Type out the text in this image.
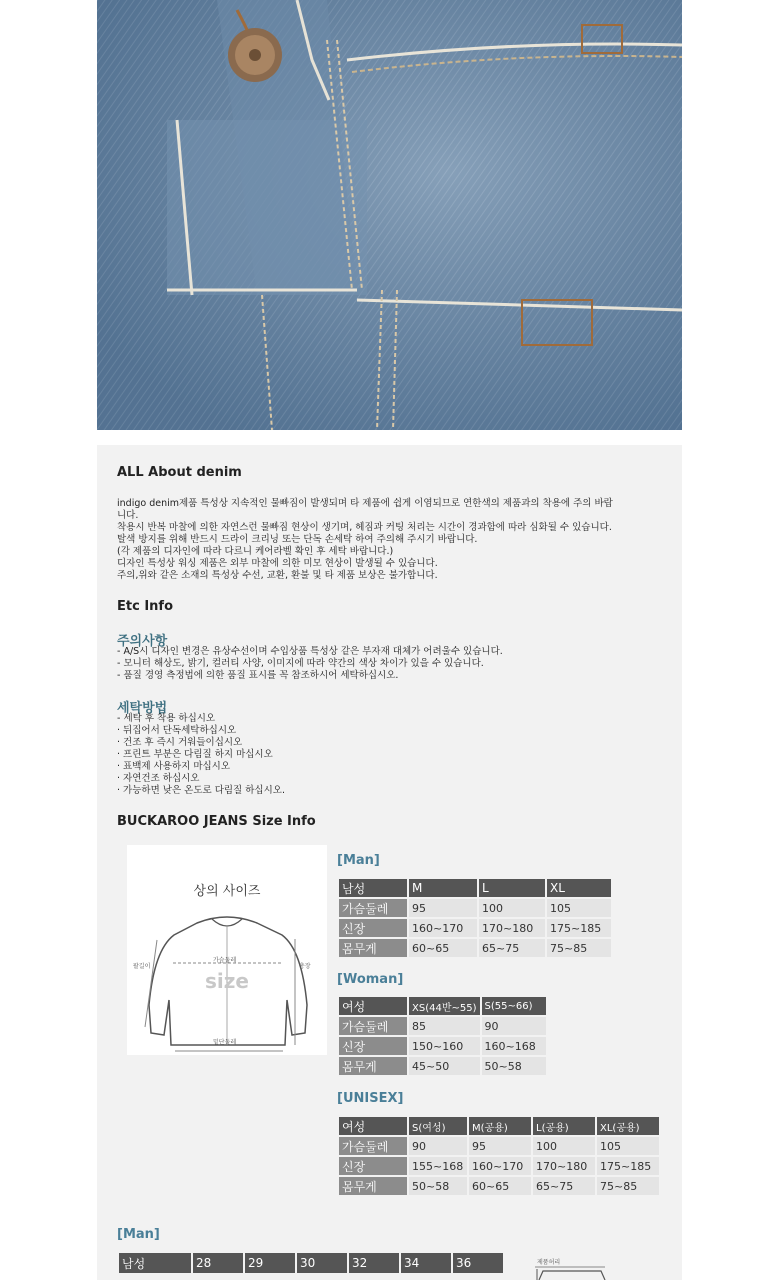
ALL About denim
indigo denim제품 특성상 지속적인 물빠짐이 발생되며 타 제품에 쉽게 이염되므로 연한색의 제품과의 착용에 주의 바랍
니다.
착용시 반복 마찰에 의한 자연스런 물빠짐 현상이 생기며, 헤짐과 커팅 처리는 시간이 경과함에 따라 심화될 수 있습니다.
탈색 방지를 위해 반드시 드라이 크리닝 또는 단독 손세탁 하여 주의해 주시기 바랍니다.
(각 제품의 디자인에 따라 다르니 케어라벨 확인 후 세탁 바랍니다.)
디자인 특성상 워싱 제품은 외부 마찰에 의한 미모 현상이 발생될 수 있습니다.
주의,위와 같은 소재의 특성상 수선, 교환, 환불 및 타 제품 보상은 불가합니다.
Etc Info
주의사항
- A/S시 디자인 변경은 유상수선이며 수입상품 특성상 같은 부자재 대체가 어려울수 있습니다.
- 모니터 해상도, 밝기, 컬러티 사양, 이미지에 따라 약간의 색상 차이가 있을 수 있습니다.
- 품질 경영 측정법에 의한 품질 표시를 꼭 참조하시어 세탁하십시오.
세탁방법
- 세탁 후 착용 하십시오
· 뒤집어서 단독세탁하십시오
· 건조 후 즉시 거워들이십시오
· 프린트 부분은 다림질 하지 마십시오
· 표백제 사용하지 마십시오
· 자연건조 하십시오
· 가능하면 낮은 온도로 다림질 하십시오.
BUCKAROO JEANS Size Info
상의 사이즈
size
가슴둘레
팔길이	총장
밑단둘레
[Man]
남성	M	L	XL
가슴둘레	95	100	105
신장	160~170	170~180	175~185
몸무게	60~65	65~75	75~85
[Woman]
여성	XS(44반~55)	S(55~66)
가슴둘레	85	90
신장	150~160	160~168
몸무게	45~50	50~58
[UNISEX]
여성	S(여성)	M(공용)	L(공용)	XL(공용)
가슴둘레	90	95	100	105
신장	155~168	160~170	170~180	175~185
몸무게	50~58	60~65	65~75	75~85
[Man]
남성	28	29	30	32	34	36	제품허리
